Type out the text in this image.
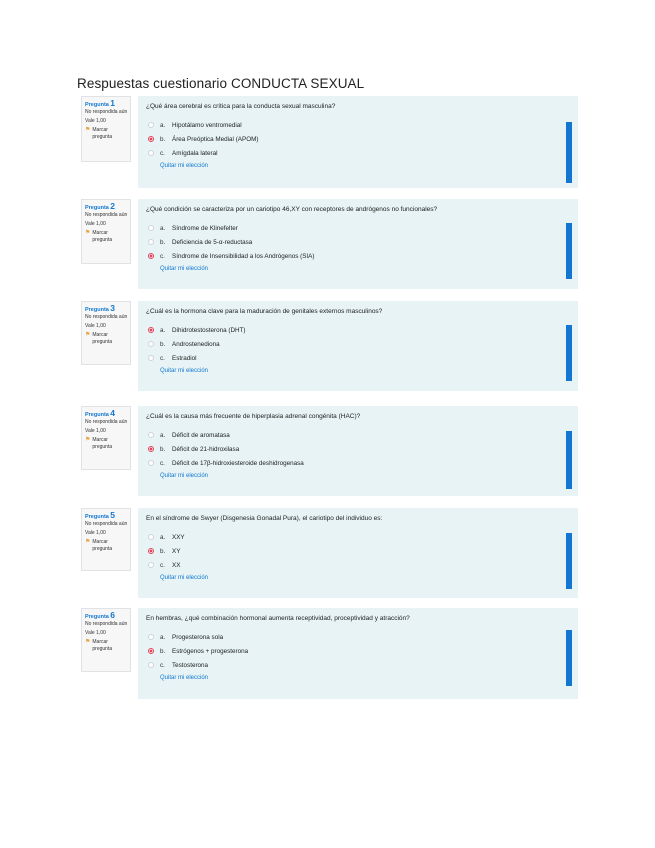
Respuestas cuestionario CONDUCTA SEXUAL
Pregunta 1
No respondida aún
Vale 1,00
⚑ Marcar pregunta
¿Qué área cerebral es crítica para la conducta sexual masculina?
a.	Hipotálamo ventromedial
b.	Área Preóptica Medial (APOM)
c.	Amígdala lateral
Quitar mi elección
Pregunta 2
No respondida aún
Vale 1,00
⚑ Marcar pregunta
¿Qué condición se caracteriza por un cariotipo 46,XY con receptores de andrógenos no funcionales?
a.	Síndrome de Klinefelter
b.	Deficiencia de 5-α-reductasa
c.	Síndrome de Insensibilidad a los Andrógenos (SIA)
Quitar mi elección
Pregunta 3
No respondida aún
Vale 1,00
⚑ Marcar pregunta
¿Cuál es la hormona clave para la maduración de genitales externos masculinos?
a.	Dihidrotestosterona (DHT)
b.	Androstenediona
c.	Estradiol
Quitar mi elección
Pregunta 4
No respondida aún
Vale 1,00
⚑ Marcar pregunta
¿Cuál es la causa más frecuente de hiperplasia adrenal congénita (HAC)?
a.	Déficit de aromatasa
b.	Déficit de 21-hidroxilasa
c.	Déficit de 17β-hidroxiesteroide deshidrogenasa
Quitar mi elección
Pregunta 5
No respondida aún
Vale 1,00
⚑ Marcar pregunta
En el síndrome de Swyer (Disgenesia Gonadal Pura), el cariotipo del individuo es:
a.	XXY
b.	XY
c.	XX
Quitar mi elección
Pregunta 6
No respondida aún
Vale 1,00
⚑ Marcar pregunta
En hembras, ¿qué combinación hormonal aumenta receptividad, proceptividad y atracción?
a.	Progesterona sola
b.	Estrógenos + progesterona
c.	Testosterona
Quitar mi elección
